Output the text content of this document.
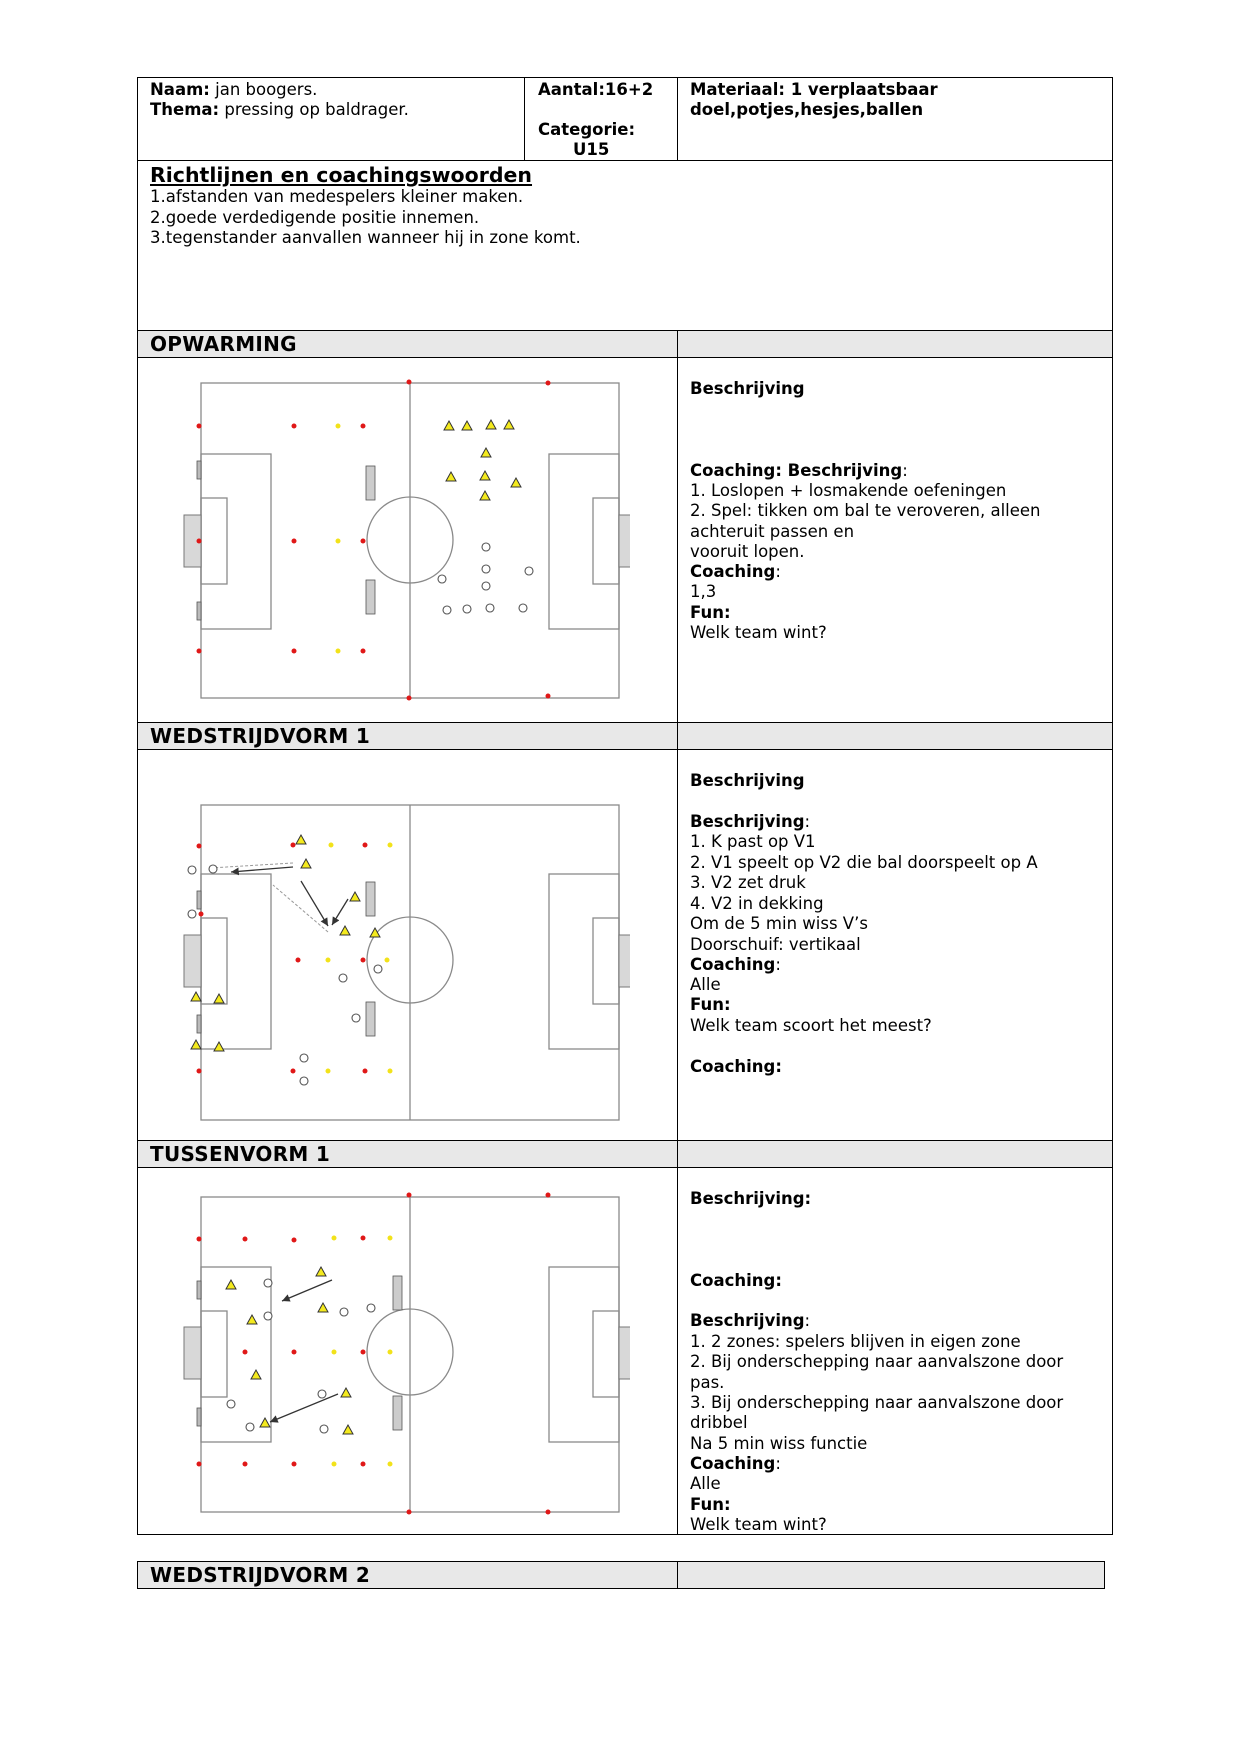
Naam: jan boogers.
Thema: pressing op baldrager.
Aantal:16+2
Categorie:
U15
Materiaal: 1 verplaatsbaar
doel,potjes,hesjes,ballen
Richtlijnen en coachingswoorden
1.afstanden van medespelers kleiner maken.
2.goede verdedigende positie innemen.
3.tegenstander aanvallen wanneer hij in zone komt.
OPWARMING
Beschrijving
Coaching: Beschrijving:
1. Loslopen + losmakende oefeningen
2. Spel: tikken om bal te veroveren, alleen
achteruit passen en
vooruit lopen.
Coaching:
1,3
Fun:
Welk team wint?
WEDSTRIJDVORM 1
Beschrijving
Beschrijving:
1. K past op V1
2. V1 speelt op V2 die bal doorspeelt op A
3. V2 zet druk
4. V2 in dekking
Om de 5 min wiss V’s
Doorschuif: vertikaal
Coaching:
Alle
Fun:
Welk team scoort het meest?
Coaching:
TUSSENVORM 1
Beschrijving:
Coaching:
Beschrijving:
1. 2 zones: spelers blijven in eigen zone
2. Bij onderschepping naar aanvalszone door
pas.
3. Bij onderschepping naar aanvalszone door
dribbel
Na 5 min wiss functie
Coaching:
Alle
Fun:
Welk team wint?
WEDSTRIJDVORM 2
